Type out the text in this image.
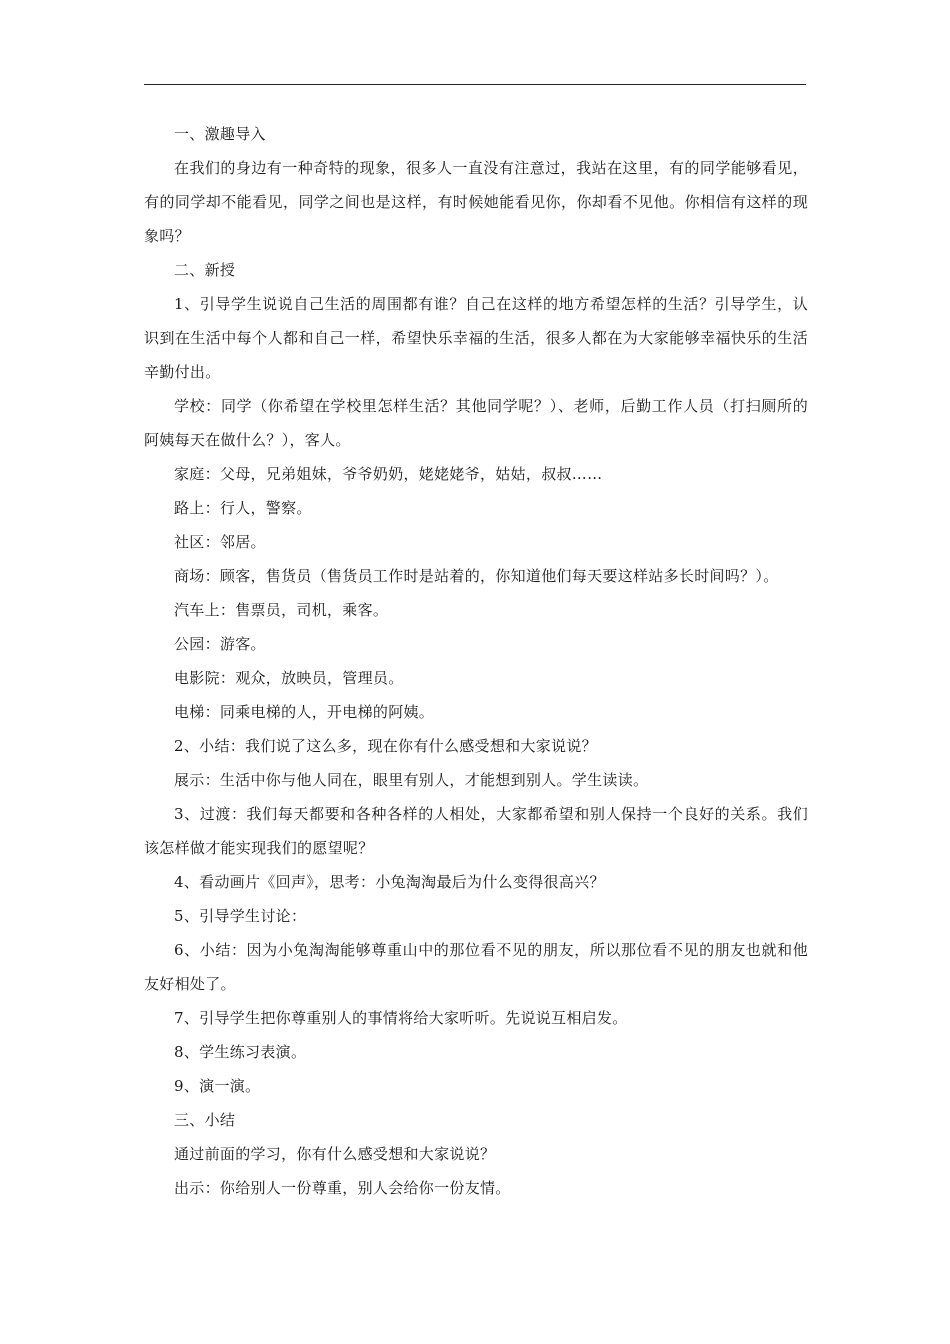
一、激趣导入

在我们的身边有一种奇特的现象，很多人一直没有注意过，我站在这里，有的同学能够看见，有的同学却不能看见，同学之间也是这样，有时候她能看见你，你却看不见他。你相信有这样的现象吗？

二、新授

1、引导学生说说自己生活的周围都有谁？自己在这样的地方希望怎样的生活？引导学生，认识到在生活中每个人都和自己一样，希望快乐幸福的生活，很多人都在为大家能够幸福快乐的生活辛勤付出。

学校：同学（你希望在学校里怎样生活？其他同学呢？）、老师，后勤工作人员（打扫厕所的阿姨每天在做什么？），客人。

家庭：父母，兄弟姐妹，爷爷奶奶，姥姥姥爷，姑姑，叔叔……

路上：行人，警察。

社区：邻居。

商场：顾客，售货员（售货员工作时是站着的，你知道他们每天要这样站多长时间吗？）。

汽车上：售票员，司机，乘客。

公园：游客。

电影院：观众，放映员，管理员。

电梯：同乘电梯的人，开电梯的阿姨。

2、小结：我们说了这么多，现在你有什么感受想和大家说说？

展示：生活中你与他人同在，眼里有别人，才能想到别人。学生读读。

3、过渡：我们每天都要和各种各样的人相处，大家都希望和别人保持一个良好的关系。我们该怎样做才能实现我们的愿望呢？

4、看动画片《回声》，思考：小兔淘淘最后为什么变得很高兴？

5、引导学生讨论：

6、小结：因为小兔淘淘能够尊重山中的那位看不见的朋友，所以那位看不见的朋友也就和他友好相处了。

7、引导学生把你尊重别人的事情将给大家听听。先说说互相启发。

8、学生练习表演。

9、演一演。

三、小结

通过前面的学习，你有什么感受想和大家说说？

出示：你给别人一份尊重，别人会给你一份友情。
